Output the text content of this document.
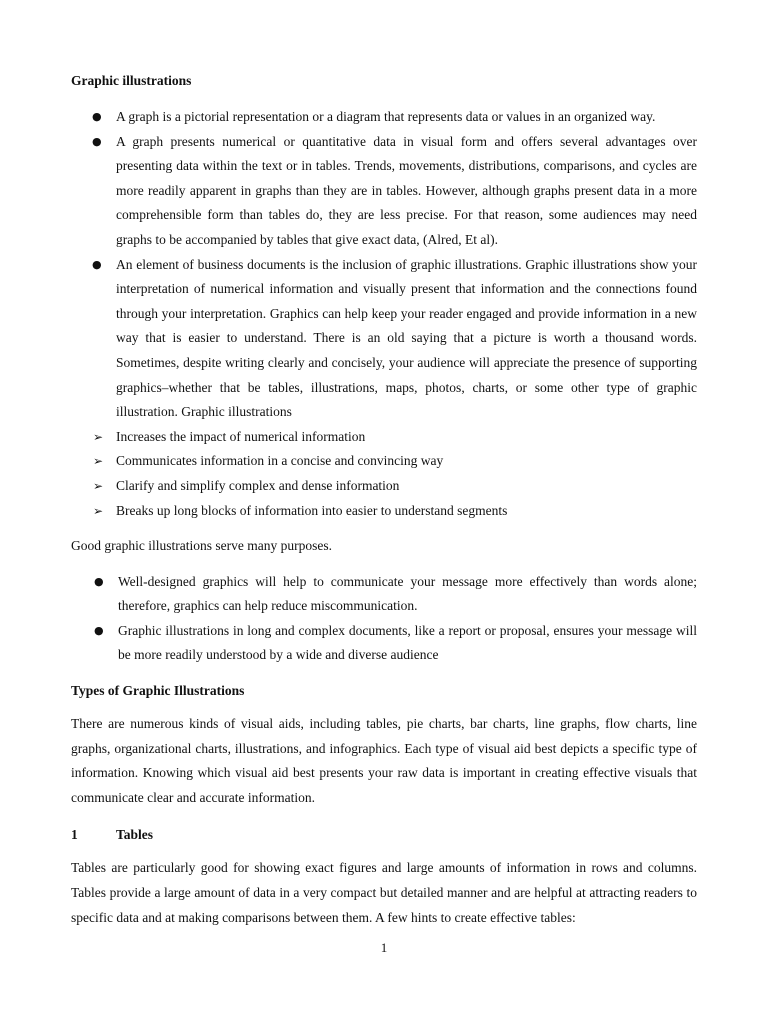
Graphic illustrations
● A graph is a pictorial representation or a diagram that represents data or values in an organized way.
● A graph presents numerical or quantitative data in visual form and offers several advantages over presenting data within the text or in tables. Trends, movements, distributions, comparisons, and cycles are more readily apparent in graphs than they are in tables. However, although graphs present data in a more comprehensible form than tables do, they are less precise. For that reason, some audiences may need graphs to be accompanied by tables that give exact data, (Alred, Et al).
● An element of business documents is the inclusion of graphic illustrations. Graphic illustrations show your interpretation of numerical information and visually present that information and the connections found through your interpretation. Graphics can help keep your reader engaged and provide information in a new way that is easier to understand. There is an old saying that a picture is worth a thousand words. Sometimes, despite writing clearly and concisely, your audience will appreciate the presence of supporting graphics–whether that be tables, illustrations, maps, photos, charts, or some other type of graphic illustration. Graphic illustrations
➢ Increases the impact of numerical information
➢ Communicates information in a concise and convincing way
➢ Clarify and simplify complex and dense information
➢ Breaks up long blocks of information into easier to understand segments

Good graphic illustrations serve many purposes.

● Well-designed graphics will help to communicate your message more effectively than words alone; therefore, graphics can help reduce miscommunication.
● Graphic illustrations in long and complex documents, like a report or proposal, ensures your message will be more readily understood by a wide and diverse audience
Types of Graphic Illustrations

There are numerous kinds of visual aids, including tables, pie charts, bar charts, line graphs, flow charts, line graphs, organizational charts, illustrations, and infographics. Each type of visual aid best depicts a specific type of information. Knowing which visual aid best presents your raw data is important in creating effective visuals that communicate clear and accurate information.

1	Tables

Tables are particularly good for showing exact figures and large amounts of information in rows and columns. Tables provide a large amount of data in a very compact but detailed manner and are helpful at attracting readers to specific data and at making comparisons between them. A few hints to create effective tables:

1
